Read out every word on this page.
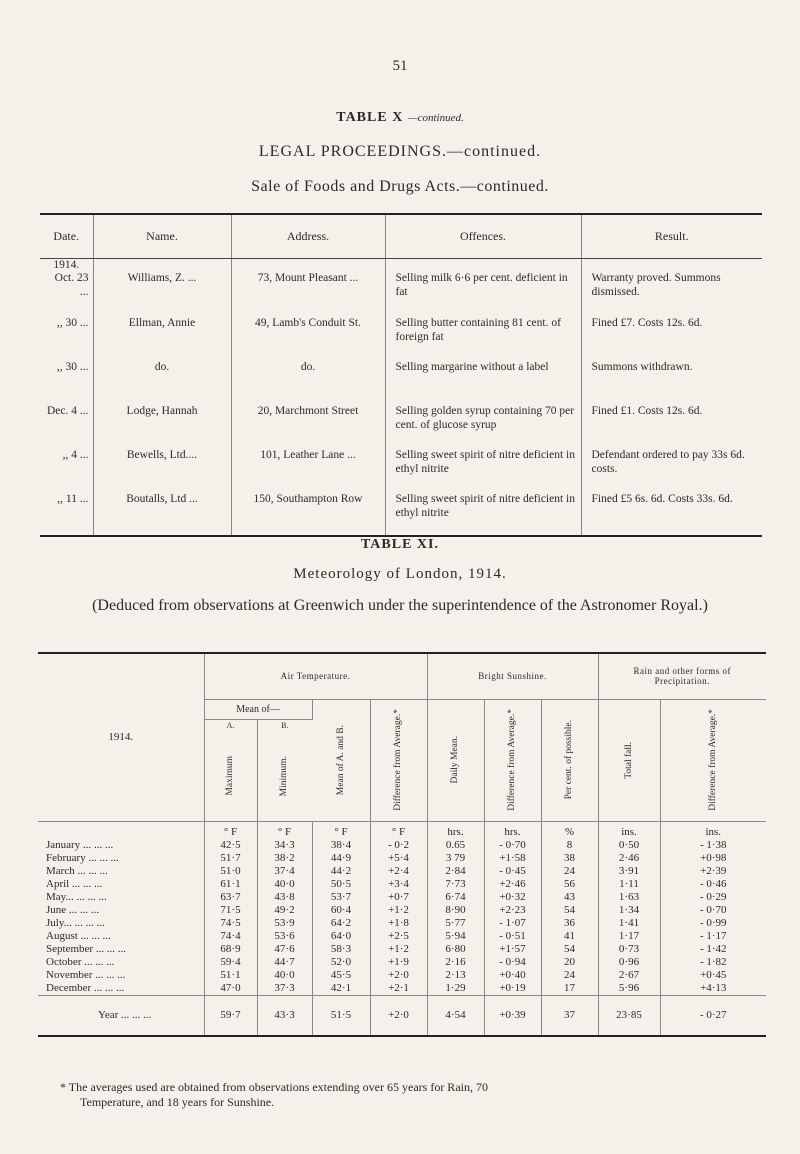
51
TABLE X —continued.
LEGAL PROCEEDINGS.—continued.
Sale of Foods and Drugs Acts.—continued.
Date.	Name.	Address.	Offences.	Result.

1914.
Oct. 23 ...	Williams, Z. ...	73, Mount Pleasant ...	Selling milk 6·6 per cent. deficient in fat	Warranty proved. Summons dismissed.

,, 30 ...	Ellman, Annie	49, Lamb's Conduit St.	Selling butter containing 81 cent. of foreign fat	Fined £7. Costs 12s. 6d.
,, 30 ...	do.	do.	Selling margarine without a label	Summons withdrawn.
Dec. 4 ...	Lodge, Hannah	20, Marchmont Street	Selling golden syrup containing 70 per cent. of glucose syrup	Fined £1. Costs 12s. 6d.
,, 4 ...	Bewells, Ltd....	101, Leather Lane ...	Selling sweet spirit of nitre deficient in ethyl nitrite	Defendant ordered to pay 33s 6d. costs.
,, 11 ...	Boutalls, Ltd ...	150, Southampton Row	Selling sweet spirit of nitre deficient in ethyl nitrite	Fined £5 6s. 6d. Costs 33s. 6d.
TABLE XI.
Meteorology of London, 1914.
(Deduced from observations at Greenwich under the superintendence of the Astronomer Royal.)
1914.	Air Temperature.				Bright Sunshine.			Rain and other forms of Precipitation.	

	Mean of—		Mean of A. and B.	Difference from Average.*	Daily Mean.	Difference from Average.*	Per cent. of possible.	Total fall.	Difference from Average.*

	A.	B.							

	Maximum	Minimum.							

	° F	° F	° F	° F	hrs.	hrs.	%	ins.	ins.
January ... ... ...	42·5	34·3	38·4	- 0·2	0.65	- 0·70	8	0·50	- 1·38
February ... ... ...	51·7	38·2	44·9	+5·4	3 79	+1·58	38	2·46	+0·98
March ... ... ...	51·0	37·4	44·2	+2·4	2·84	- 0·45	24	3·91	+2·39
April ... ... ...	61·1	40·0	50·5	+3·4	7·73	+2·46	56	1·11	- 0·46
May... ... ... ...	63·7	43·8	53·7	+0·7	6·74	+0·32	43	1·63	- 0·29
June ... ... ...	71·5	49·2	60·4	+1·2	8·90	+2·23	54	1·34	- 0·70
July... ... ... ...	74·5	53·9	64·2	+1·8	5·77	- 1·07	36	1·41	- 0·99
August ... ... ...	74·4	53·6	64·0	+2·5	5·94	- 0·51	41	1·17	- 1·17
September ... ... ...	68·9	47·6	58·3	+1·2	6·80	+1·57	54	0·73	- 1·42
October ... ... ...	59·4	44·7	52·0	+1·9	2·16	- 0·94	20	0·96	- 1·82
November ... ... ...	51·1	40·0	45·5	+2·0	2·13	+0·40	24	2·67	+0·45
December ... ... ...	47·0	37·3	42·1	+2·1	1·29	+0·19	17	5·96	+4·13
Year ... ... ...	59·7	43·3	51·5	+2·0	4·54	+0·39	37	23·85	- 0·27
* The averages used are obtained from observations extending over 65 years for Rain, 70
Temperature, and 18 years for Sunshine.
